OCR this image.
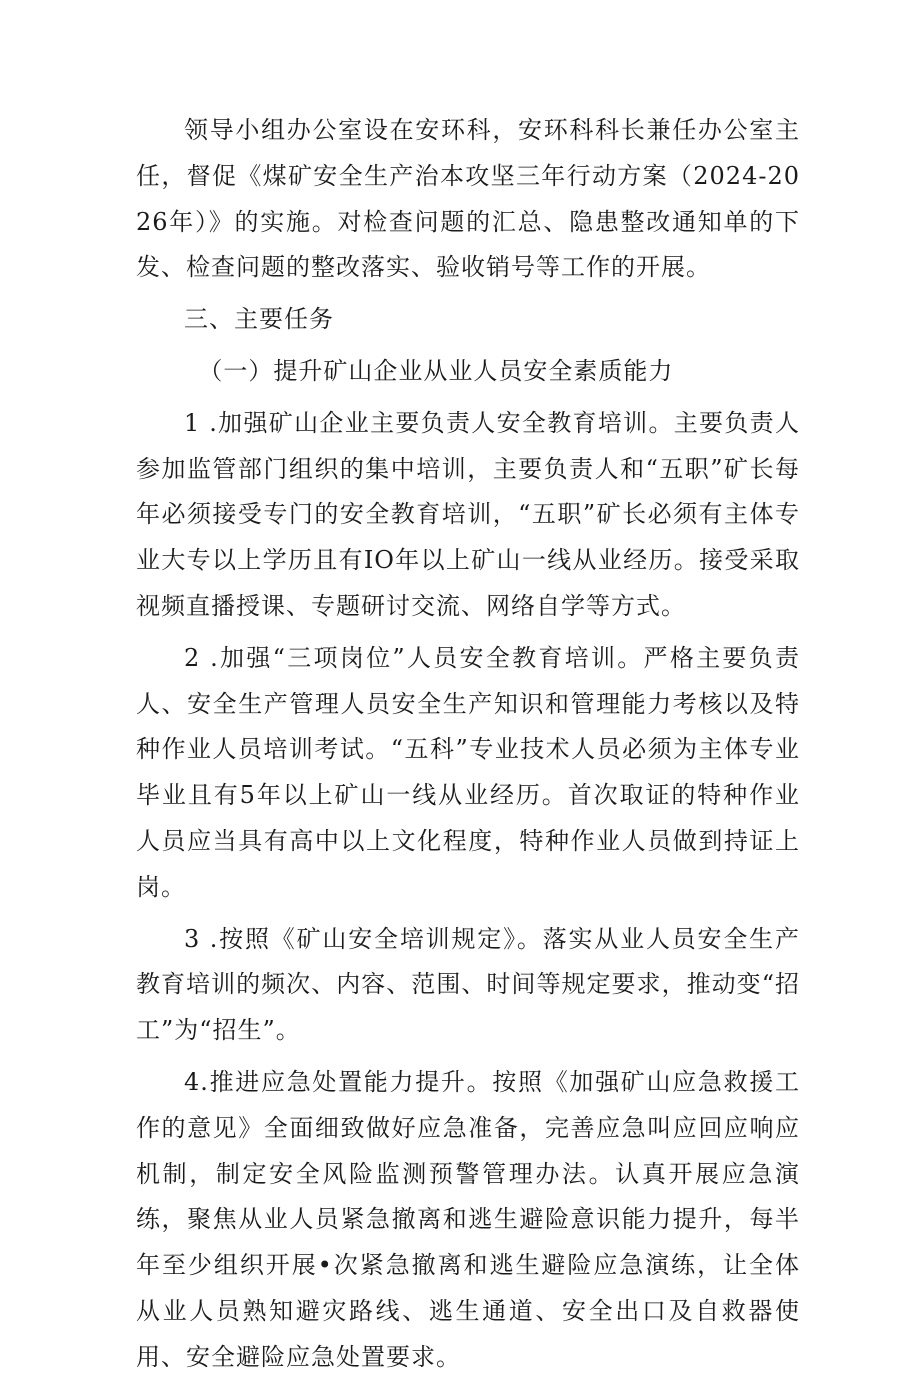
领导小组办公室设在安环科，安环科科长兼任办公室主任，督促《煤矿安全生产治本攻坚三年行动方案（2024-2026年）》的实施。对检查问题的汇总、隐患整改通知单的下发、检查问题的整改落实、验收销号等工作的开展。

三、主要任务

（一）提升矿山企业从业人员安全素质能力

1 .加强矿山企业主要负责人安全教育培训。主要负责人参加监管部门组织的集中培训，主要负责人和“五职”矿长每年必须接受专门的安全教育培训，“五职”矿长必须有主体专业大专以上学历且有IO年以上矿山一线从业经历。接受采取视频直播授课、专题研讨交流、网络自学等方式。

2 .加强“三项岗位”人员安全教育培训。严格主要负责人、安全生产管理人员安全生产知识和管理能力考核以及特种作业人员培训考试。“五科”专业技术人员必须为主体专业毕业且有5年以上矿山一线从业经历。首次取证的特种作业人员应当具有高中以上文化程度，特种作业人员做到持证上岗。

3 .按照《矿山安全培训规定》。落实从业人员安全生产教育培训的频次、内容、范围、时间等规定要求，推动变“招工”为“招生”。

4.推进应急处置能力提升。按照《加强矿山应急救援工作的意见》全面细致做好应急准备，完善应急叫应回应响应机制，制定安全风险监测预警管理办法。认真开展应急演练，聚焦从业人员紧急撤离和逃生避险意识能力提升，每半年至少组织开展•次紧急撤离和逃生避险应急演练，让全体从业人员熟知避灾路线、逃生通道、安全出口及自救器使用、安全避险应急处置要求。
